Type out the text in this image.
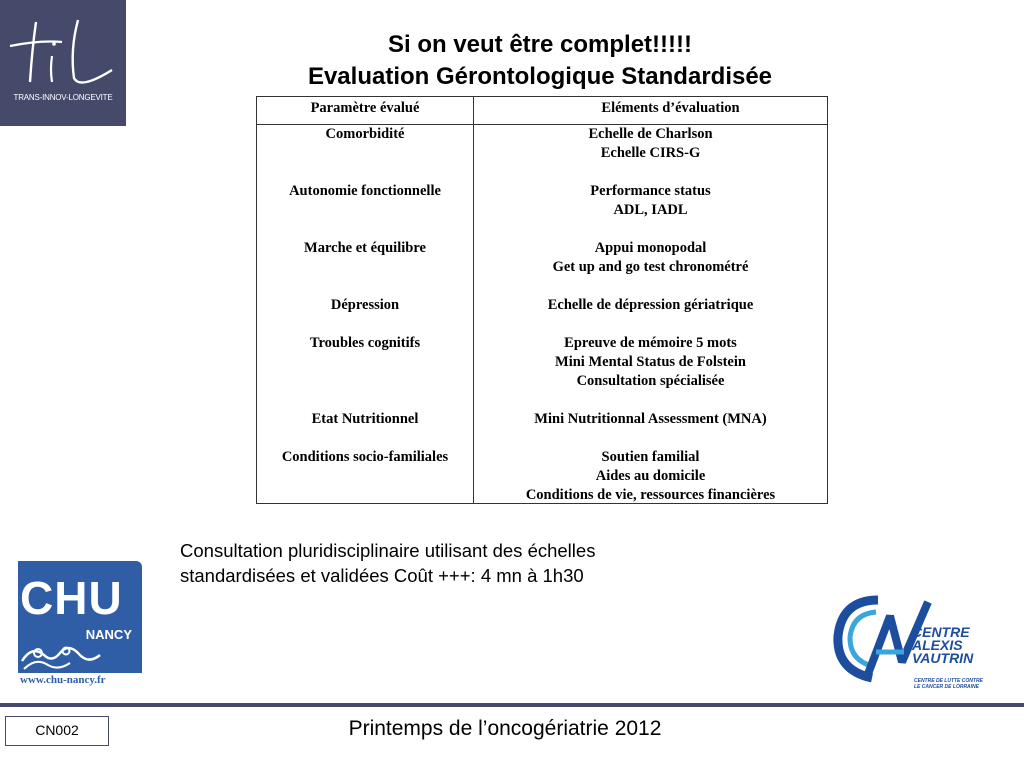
TRANS-INNOV-LONGEVITE
Si on veut être complet!!!!!
Evaluation Gérontologique Standardisée
Paramètre évalué	Eléments d’évaluation
Comorbidité	Echelle de Charlson
Echelle CIRS-G
Autonomie fonctionnelle	Performance status
ADL, IADL
Marche et équilibre	Appui monopodal
Get up and go test chronométré
Dépression	Echelle de dépression gériatrique
Troubles cognitifs	Epreuve de mémoire 5 mots
Mini Mental Status de Folstein
Consultation spécialisée
Etat Nutritionnel	Mini Nutritionnal Assessment (MNA)
Conditions socio-familiales	Soutien familial
Aides au domicile
Conditions de vie, ressources financières
Consultation pluridisciplinaire utilisant des échelles
standardisées et validées Coût +++: 4 mn à 1h30
CHU
NANCY
www.chu-nancy.fr
CENTRE
ALEXIS
VAUTRIN
CENTRE DE LUTTE CONTRE
LE CANCER DE LORRAINE
CN002	Printemps de l’oncogériatrie 2012
